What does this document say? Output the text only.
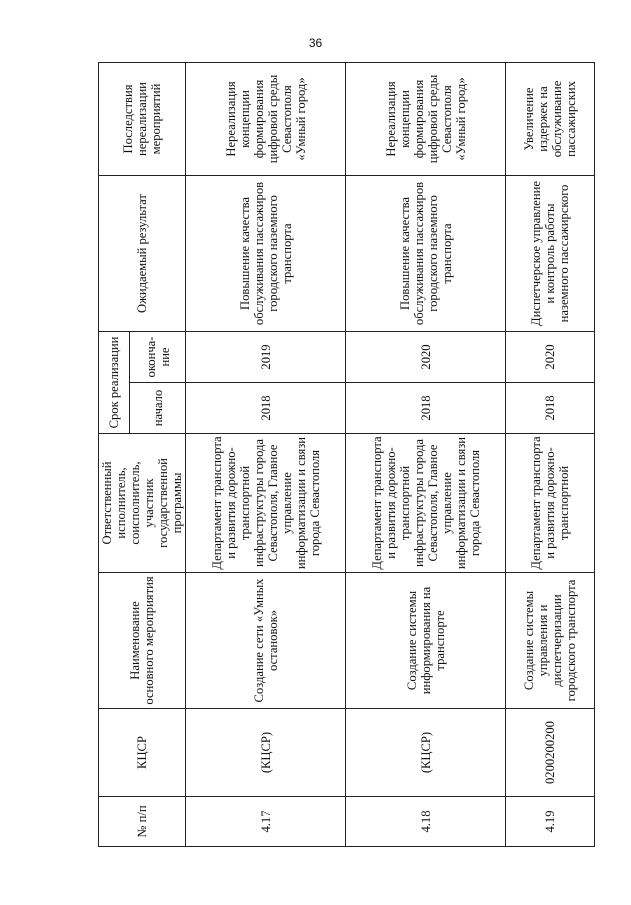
36
№ п/п	КЦСР	Наименование основного мероприятия	Ответственный исполнитель, соисполнитель, участник государственной программы	Срок реализации		Ожидаемый результат	Последствия нереализации мероприятий
				начало	оконча-ние		
4.17	(КЦСР)	Создание сети «Умных остановок»	Департамент транспорта и развития дорожно-транспортной инфраструктуры города Севастополя, Главное управление информатизации и связи города Севастополя	2018	2019	Повышение качества обслуживания пассажиров городского наземного транспорта	Нереализация концепции формирования цифровой среды Севастополя «Умный город»
4.18	(КЦСР)	Создание системы информирования на транспорте	Департамент транспорта и развития дорожно-транспортной инфраструктуры города Севастополя, Главное управление информатизации и связи города Севастополя	2018	2020	Повышение качества обслуживания пассажиров городского наземного транспорта	Нереализация концепции формирования цифровой среды Севастополя «Умный город»
4.19	0200200200	Создание системы управления и диспетчеризации городского транспорта	Департамент транспорта и развития дорожно-транспортной	2018	2020	Диспетчерское управление и контроль работы наземного пассажирского	Увеличение издержек на обслуживание пассажирских
